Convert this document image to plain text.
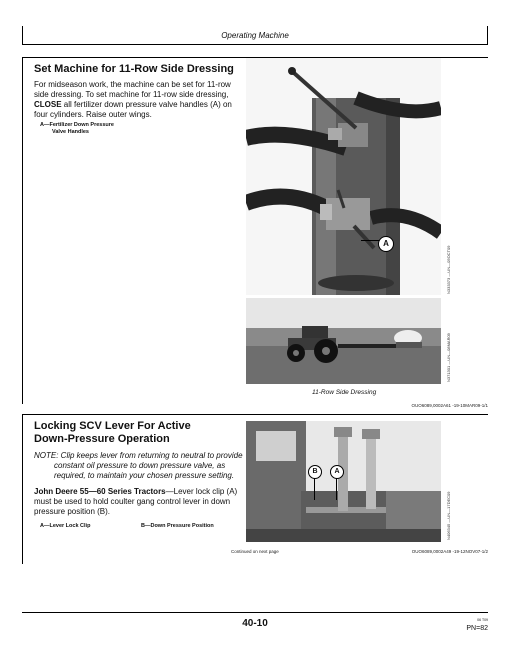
Operating Machine
Set Machine for 11-Row Side Dressing
For midseason work, the machine can be set for 11-row
side dressing. To set machine for 11-row side dressing,
CLOSE all fertilizer down pressure valve handles (A) on
four cylinders. Raise outer wings.
A—Fertilizer Down Pressure
Valve Handles
A
N333373 —UN—05OCT09
N371301 —UN—08MAR09
11-Row Side Dressing
OUO6089,0002A61 -19-10MAR09-1/1
Locking SCV Lever For Active
Down-Pressure Operation
NOTE: Clip keeps lever from returning to neutral to provide
constant oil pressure to down pressure valve, as
required, to maintain your chosen pressure setting.
John Deere 55—60 Series Tractors—Lever lock clip (A)
must be used to hold coulter gang control lever in down
pressure position (B).
A—Lever Lock Clip	B—Down Pressure Position
B	A
N406345 —UN—17DEC09
Continued on next page	OUO6089,0002A49 -19-12NOV07-1/2
40-10	06 T09
PN=82
